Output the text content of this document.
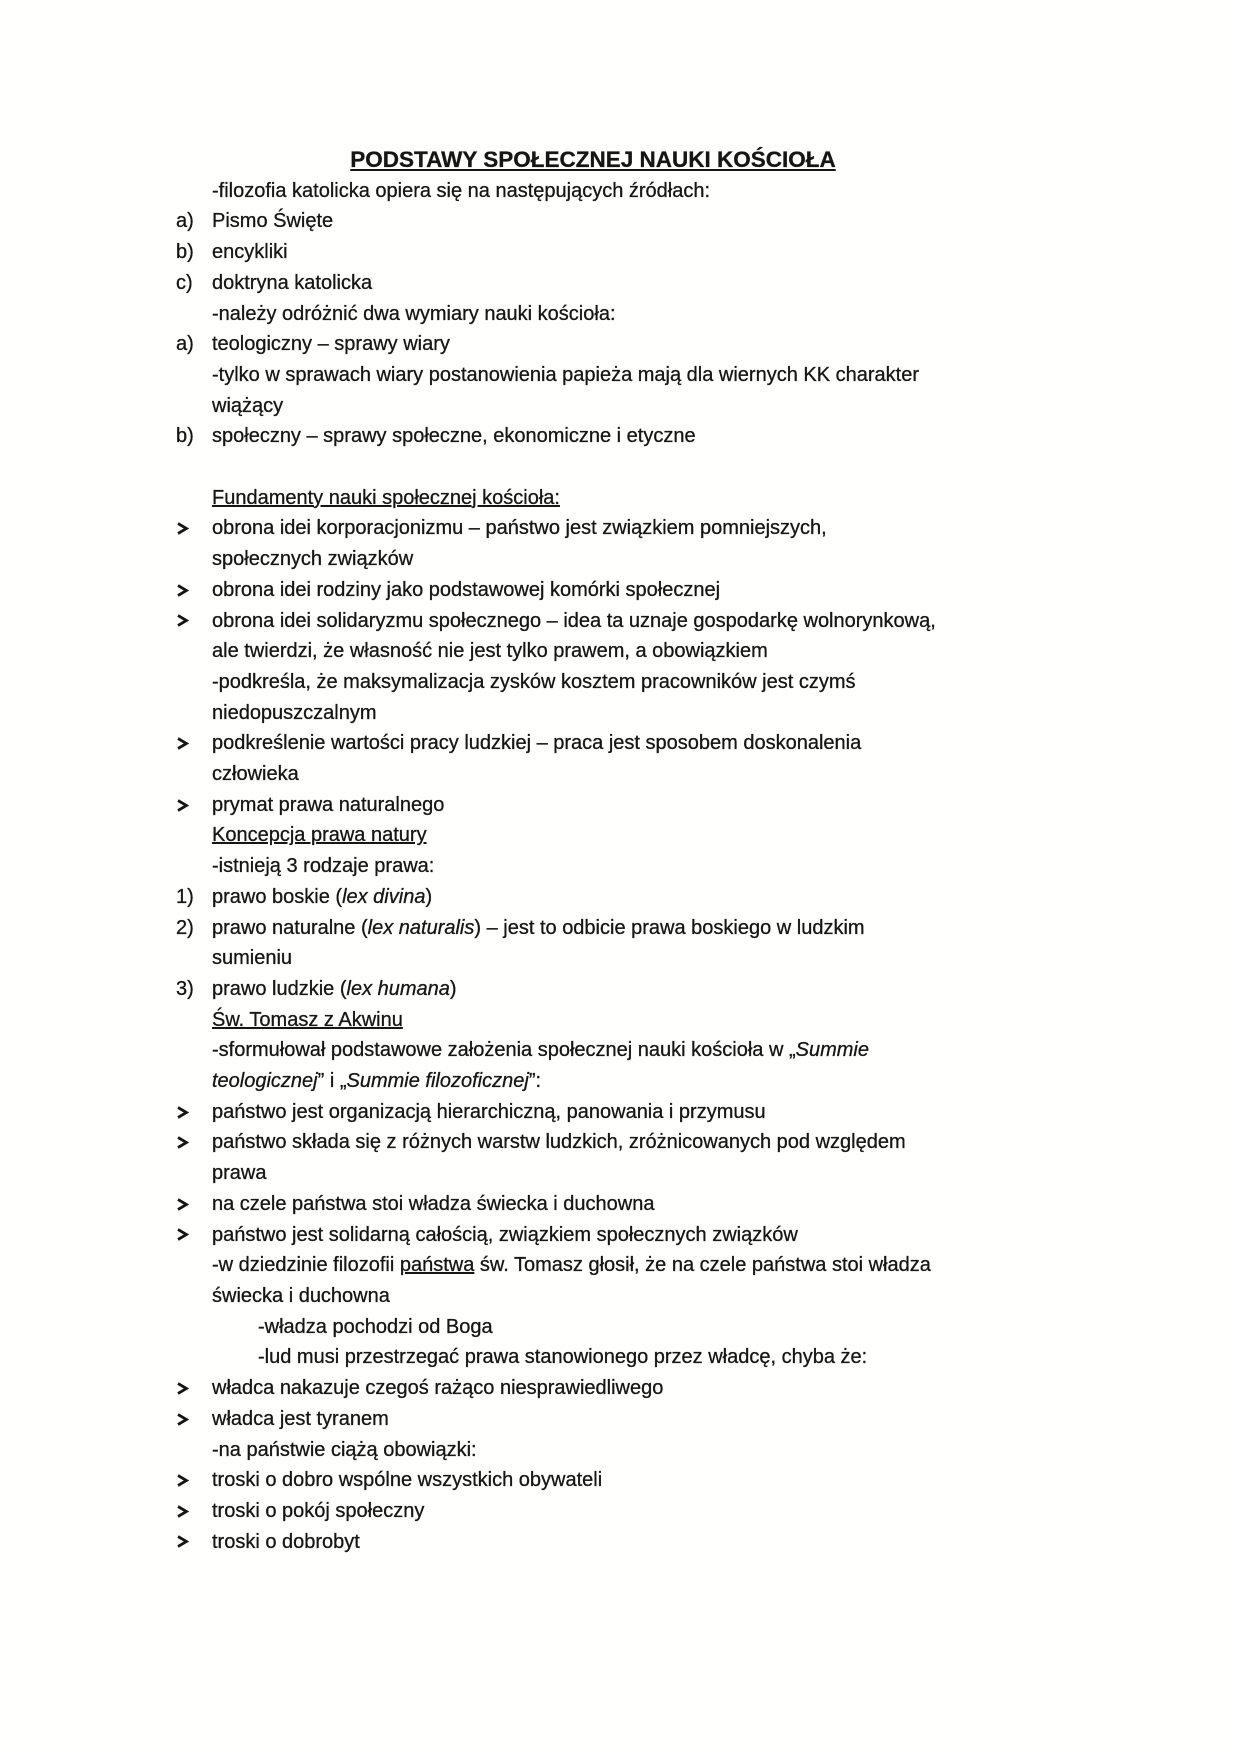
PODSTAWY SPOŁECZNEJ NAUKI KOŚCIOŁA
-filozofia katolicka opiera się na następujących źródłach:
a) Pismo Święte
b) encykliki
c) doktryna katolicka
-należy odróżnić dwa wymiary nauki kościoła:
a) teologiczny – sprawy wiary
-tylko w sprawach wiary postanowienia papieża mają dla wiernych KK charakter
wiążący
b) społeczny – sprawy społeczne, ekonomiczne i etyczne
Fundamenty nauki społecznej kościoła:
obrona idei korporacjonizmu – państwo jest związkiem pomniejszych,
społecznych związków
obrona idei rodziny jako podstawowej komórki społecznej
obrona idei solidaryzmu społecznego – idea ta uznaje gospodarkę wolnorynkową,
ale twierdzi, że własność nie jest tylko prawem, a obowiązkiem
-podkreśla, że maksymalizacja zysków kosztem pracowników jest czymś
niedopuszczalnym
podkreślenie wartości pracy ludzkiej – praca jest sposobem doskonalenia
człowieka
prymat prawa naturalnego
Koncepcja prawa natury
-istnieją 3 rodzaje prawa:
1) prawo boskie (lex divina)
2) prawo naturalne (lex naturalis) – jest to odbicie prawa boskiego w ludzkim
sumieniu
3) prawo ludzkie (lex humana)
Św. Tomasz z Akwinu
-sformułował podstawowe założenia społecznej nauki kościoła w „Summie
teologicznej” i „Summie filozoficznej”:
państwo jest organizacją hierarchiczną, panowania i przymusu
państwo składa się z różnych warstw ludzkich, zróżnicowanych pod względem
prawa
na czele państwa stoi władza świecka i duchowna
państwo jest solidarną całością, związkiem społecznych związków
-w dziedzinie filozofii państwa św. Tomasz głosił, że na czele państwa stoi władza
świecka i duchowna
-władza pochodzi od Boga
-lud musi przestrzegać prawa stanowionego przez władcę, chyba że:
władca nakazuje czegoś rażąco niesprawiedliwego
władca jest tyranem
-na państwie ciążą obowiązki:
troski o dobro wspólne wszystkich obywateli
troski o pokój społeczny
troski o dobrobyt
